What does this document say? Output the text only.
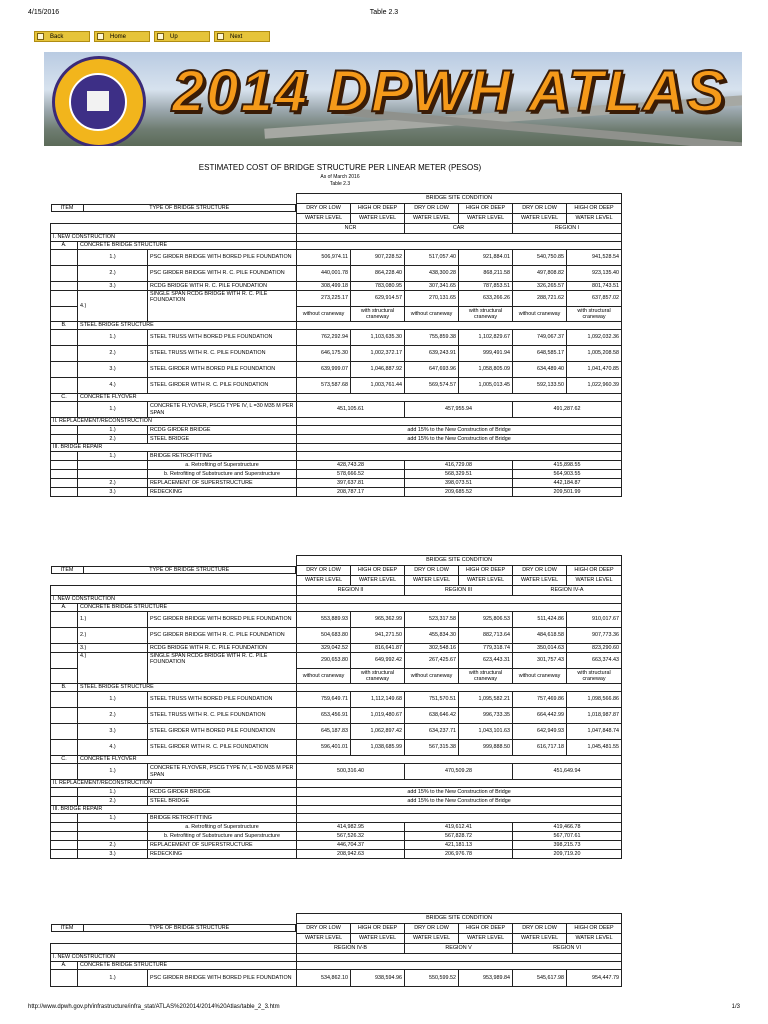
4/15/2016	Table 2.3
Back	Home	Up	Next
2014 DPWH ATLAS
ESTIMATED COST OF BRIDGE STRUCTURE PER LINEAR METER (PESOS)
As of March 2016
Table 2.3
ITEM	TYPE OF BRIDGE STRUCTURE
	BRIDGE SITE CONDITION
DRY OR LOW	HIGH OR DEEP	DRY OR LOW	HIGH OR DEEP	DRY OR LOW	HIGH OR DEEP
WATER LEVEL	WATER LEVEL	WATER LEVEL	WATER LEVEL	WATER LEVEL	WATER LEVEL
	NCR	CAR	REGION I
I. NEW CONSTRUCTION	
A.	CONCRETE BRIDGE STRUCTURE	
	1.)	PSC GIRDER BRIDGE WITH BORED PILE FOUNDATION	506,974.11	907,228.52	517,057.40	921,884.01	540,750.85	941,528.54
	2.)	PSC GIRDER BRIDGE WITH R. C. PILE FOUNDATION	440,001.78	864,228.40	438,300.28	868,211.58	497,808.82	923,135.40
	3.)	RCDG BRIDGE WITH R. C. PILE FOUNDATION	308,499.18	783,080.95	307,341.65	787,853.51	326,265.57	801,743.51
	4.)	SINGLE SPAN RCDG BRIDGE WITH R. C. PILE FOUNDATION	273,225.17	629,914.57	270,131.65	633,266.26	288,721.62	637,857.02
	without craneway	with structural craneway	without craneway	with structural craneway	without craneway	with structural craneway
B.	STEEL BRIDGE STRUCTURE	
	1.)	STEEL TRUSS WITH BORED PILE FOUNDATION	762,292.94	1,103,635.30	755,859.38	1,102,829.67	749,067.37	1,092,032.36
	2.)	STEEL TRUSS WITH R. C. PILE FOUNDATION	646,175.30	1,002,372.17	639,243.91	999,491.94	648,585.17	1,005,208.58
	3.)	STEEL GIRDER WITH BORED PILE FOUNDATION	639,999.07	1,046,887.92	647,693.96	1,058,805.09	634,489.40	1,041,470.85
	4.)	STEEL GIRDER WITH R. C. PILE FOUNDATION	573,587.68	1,003,761.44	569,574.57	1,005,013.45	592,133.50	1,022,960.39
C.	CONCRETE FLYOVER	
	1.)	CONCRETE FLYOVER, PSCG TYPE IV, L =30 M35 M PER SPAN	451,105.61	457,955.94	491,287.62
II. REPLACEMENT/RECONSTRUCTION	
	1.)	RCDG GIRDER BRIDGE	add 15% to the New Construction of Bridge
	2.)	STEEL BRIDGE	add 15% to the New Construction of Bridge
III. BRIDGE REPAIR	
	1.)	BRIDGE RETROFITTING	
		a. Retrofiting of Superstructure	428,743.28	416,729.08	415,898.55
		b. Retrofiting of Substructure and Superstructure	578,666.52	568,329.51	564,903.55
	2.)	REPLACEMENT OF SUPERSTRUCTURE	397,637.81	398,073.51	442,184.87
	3.)	REDECKING	208,787.17	209,685.52	209,501.99
ITEM	TYPE OF BRIDGE STRUCTURE
	BRIDGE SITE CONDITION
DRY OR LOW	HIGH OR DEEP	DRY OR LOW	HIGH OR DEEP	DRY OR LOW	HIGH OR DEEP
WATER LEVEL	WATER LEVEL	WATER LEVEL	WATER LEVEL	WATER LEVEL	WATER LEVEL
	REGION II	REGION III	REGION IV-A
I. NEW CONSTRUCTION	
A.	CONCRETE BRIDGE STRUCTURE	
	1.)	PSC GIRDER BRIDGE WITH BORED PILE FOUNDATION	553,889.93	965,362.99	523,317.58	925,806.53	511,424.86	910,017.67
	2.)	PSC GIRDER BRIDGE WITH R. C. PILE FOUNDATION	504,683.80	941,271.50	455,834.30	882,713.64	484,618.58	907,773.36
	3.)	RCDG BRIDGE WITH R. C. PILE FOUNDATION	329,042.52	816,641.87	302,548.16	779,318.74	350,014.63	823,290.60
	4.)	SINGLE SPAN RCDG BRIDGE WITH R. C. PILE FOUNDATION	290,653.80	649,992.42	267,425.67	623,443.31	301,757.43	663,374.43
	without craneway	with structural craneway	without craneway	with structural craneway	without craneway	with structural craneway
B.	STEEL BRIDGE STRUCTURE	
	1.)	STEEL TRUSS WITH BORED PILE FOUNDATION	759,649.71	1,112,149.68	751,570.51	1,095,582.21	757,469.86	1,098,566.86
	2.)	STEEL TRUSS WITH R. C. PILE FOUNDATION	653,456.91	1,019,480.67	638,646.42	996,733.35	664,442.99	1,018,987.87
	3.)	STEEL GIRDER WITH BORED PILE FOUNDATION	645,187.83	1,062,897.42	634,237.71	1,043,101.63	642,949.93	1,047,848.74
	4.)	STEEL GIRDER WITH R. C. PILE FOUNDATION	596,401.01	1,038,685.99	567,315.38	999,888.50	616,717.18	1,045,481.55
C.	CONCRETE FLYOVER	
	1.)	CONCRETE FLYOVER, PSCG TYPE IV, L =30 M35 M PER SPAN	500,316.40	470,509.28	451,649.94
II. REPLACEMENT/RECONSTRUCTION	
	1.)	RCDG GIRDER BRIDGE	add 15% to the New Construction of Bridge
	2.)	STEEL BRIDGE	add 15% to the New Construction of Bridge
III. BRIDGE REPAIR	
	1.)	BRIDGE RETROFITTING	
		a. Retrofiting of Superstructure	414,982.95	419,612.41	419,466.78
		b. Retrofiting of Substructure and Superstructure	567,526.32	567,828.72	567,707.61
	2.)	REPLACEMENT OF SUPERSTRUCTURE	446,704.37	421,181.13	398,215.73
	3.)	REDECKING	208,942.63	206,976.78	209,719.20
ITEM	TYPE OF BRIDGE STRUCTURE
	BRIDGE SITE CONDITION
DRY OR LOW	HIGH OR DEEP	DRY OR LOW	HIGH OR DEEP	DRY OR LOW	HIGH OR DEEP
WATER LEVEL	WATER LEVEL	WATER LEVEL	WATER LEVEL	WATER LEVEL	WATER LEVEL
	REGION IV-B	REGION V	REGION VI
I. NEW CONSTRUCTION	
A.	CONCRETE BRIDGE STRUCTURE	
	1.)	PSC GIRDER BRIDGE WITH BORED PILE FOUNDATION	534,862.10	938,594.96	550,599.52	953,989.84	545,617.98	954,447.79
http://www.dpwh.gov.ph/infrastructure/infra_stat/ATLAS%202014/2014%20Atlas/table_2_3.htm	1/3
